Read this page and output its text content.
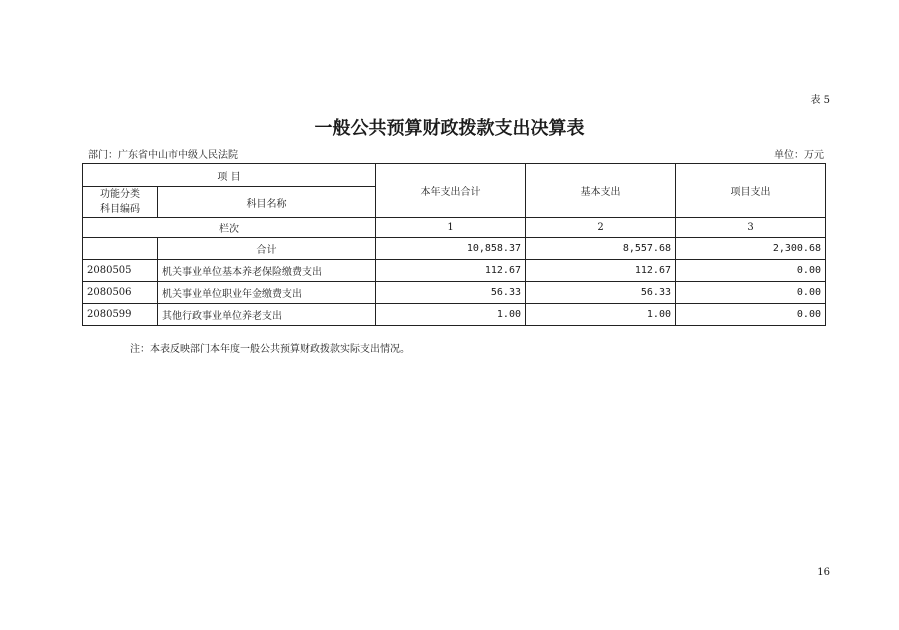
表 5
一般公共预算财政拨款支出决算表
部门：广东省中山市中级人民法院	单位：万元
项 目		本年支出合计	基本支出	项目支出

功能分类
科目编码	科目名称			
栏次		1	2	3
	合计	10,858.37	8,557.68	2,300.68
2080505	机关事业单位基本养老保险缴费支出	112.67	112.67	0.00
2080506	机关事业单位职业年金缴费支出	56.33	56.33	0.00
2080599	其他行政事业单位养老支出	1.00	1.00	0.00
注：本表反映部门本年度一般公共预算财政拨款实际支出情况。
16
